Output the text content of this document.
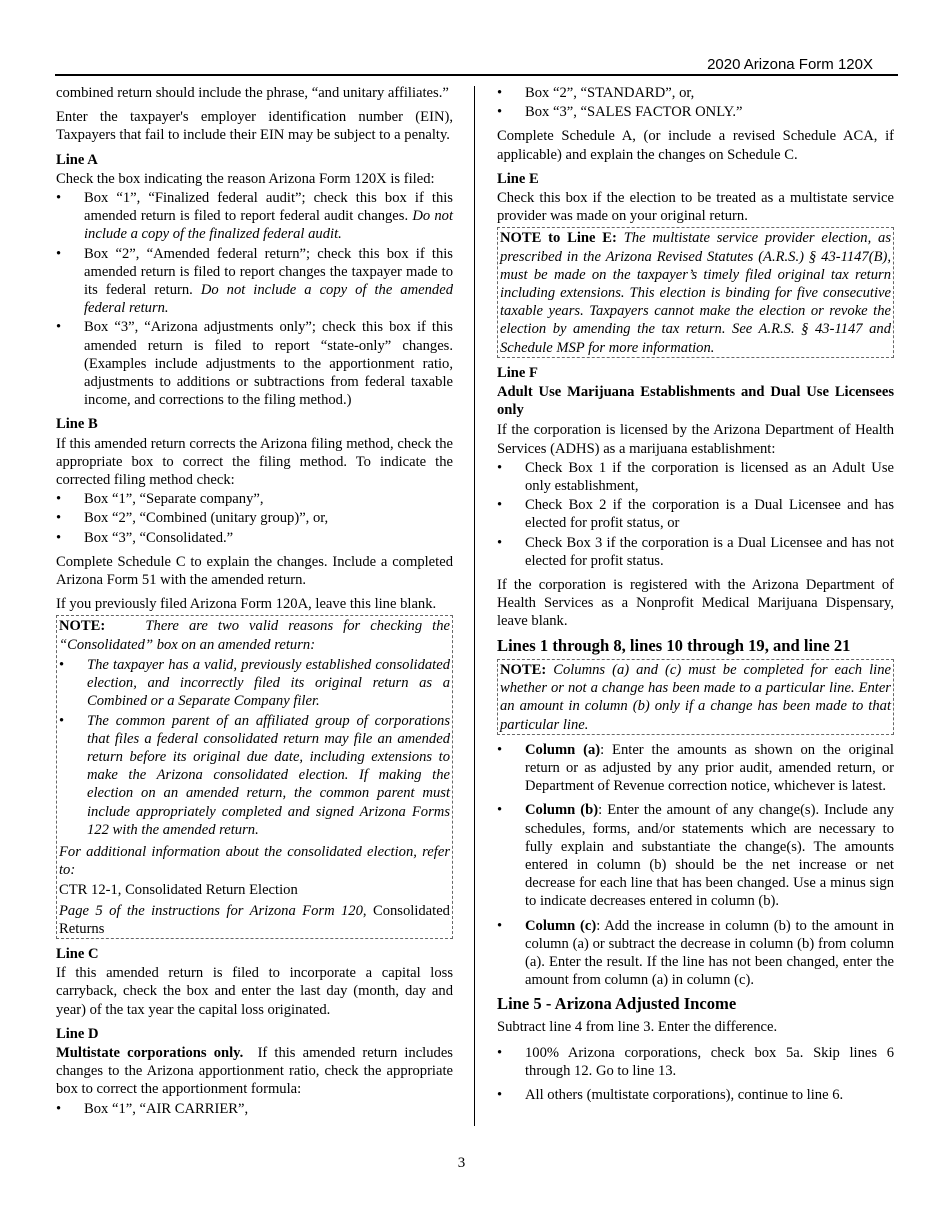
2020 Arizona Form 120X

combined return should include the phrase, “and unitary affiliates.”

Enter the taxpayer's employer identification number (EIN), Taxpayers that fail to include their EIN may be subject to a penalty.

Line A

Check the box indicating the reason Arizona Form 120X is filed:

• Box “1”, “Finalized federal audit”; check this box if this amended return is filed to report federal audit changes. Do not include a copy of the finalized federal audit.
• Box “2”, “Amended federal return”; check this box if this amended return is filed to report changes the taxpayer made to its federal return. Do not include a copy of the amended federal return.
• Box “3”, “Arizona adjustments only”; check this box if this amended return is filed to report “state-only” changes. (Examples include adjustments to the apportionment ratio, adjustments to additions or subtractions from federal taxable income, and corrections to the filing method.)
Line B

If this amended return corrects the Arizona filing method, check the appropriate box to correct the filing method. To indicate the corrected filing method check:

• Box “1”, “Separate company”,
• Box “2”, “Combined (unitary group)”, or,
• Box “3”, “Consolidated.”

Complete Schedule C to explain the changes. Include a completed Arizona Form 51 with the amended return.

If you previously filed Arizona Form 120A, leave this line blank.

NOTE:	There are two valid reasons for checking the “Consolidated” box on an amended return:

• The taxpayer has a valid, previously established consolidated election, and incorrectly filed its original return as a Combined or a Separate Company filer.
• The common parent of an affiliated group of corporations that files a federal consolidated return may file an amended return before its original due date, including extensions to make the Arizona consolidated election. If making the election on an amended return, the common parent must include appropriately completed and signed Arizona Forms 122 with the amended return.

For additional information about the consolidated election, refer to:

CTR 12-1, Consolidated Return Election

Page 5 of the instructions for Arizona Form 120, Consolidated Returns

Line C

If this amended return is filed to incorporate a capital loss carryback, check the box and enter the last day (month, day and year) of the tax year the capital loss originated.

Line D

Multistate corporations only. If this amended return includes changes to the Arizona apportionment ratio, check the appropriate box to correct the apportionment formula:

• Box “1”, “AIR CARRIER”,
• Box “2”, “STANDARD”, or,
• Box “3”, “SALES FACTOR ONLY.”

Complete Schedule A, (or include a revised Schedule ACA, if applicable) and explain the changes on Schedule C.

Line E

Check this box if the election to be treated as a multistate service provider was made on your original return.

NOTE to Line E: The multistate service provider election, as prescribed in the Arizona Revised Statutes (A.R.S.) § 43-1147(B), must be made on the taxpayer’s timely filed original tax return including extensions. This election is binding for five consecutive taxable years. Taxpayers cannot make the election or revoke the election by amending the tax return. See A.R.S. § 43-1147 and Schedule MSP for more information.

Line F

Adult Use Marijuana Establishments and Dual Use Licensees only

If the corporation is licensed by the Arizona Department of Health Services (ADHS) as a marijuana establishment:

• Check Box 1 if the corporation is licensed as an Adult Use only establishment,
• Check Box 2 if the corporation is a Dual Licensee and has elected for profit status, or
• Check Box 3 if the corporation is a Dual Licensee and has not elected for profit status.

If the corporation is registered with the Arizona Department of Health Services as a Nonprofit Medical Marijuana Dispensary, leave blank.

Lines 1 through 8, lines 10 through 19, and line 21

NOTE: Columns (a) and (c) must be completed for each line whether or not a change has been made to a particular line. Enter an amount in column (b) only if a change has been made to that particular line.

• Column (a): Enter the amounts as shown on the original return or as adjusted by any prior audit, amended return, or Department of Revenue correction notice, whichever is latest.
• Column (b): Enter the amount of any change(s). Include any schedules, forms, and/or statements which are necessary to fully explain and substantiate the change(s). The amounts entered in column (b) should be the net increase or net decrease for each line that has been changed. Use a minus sign to indicate decreases entered in column (b).
• Column (c): Add the increase in column (b) to the amount in column (a) or subtract the decrease in column (b) from column (a). Enter the result. If the line has not been changed, enter the amount from column (a) in column (c).
Line 5 - Arizona Adjusted Income

Subtract line 4 from line 3. Enter the difference.

• 100% Arizona corporations, check box 5a. Skip lines 6 through 12. Go to line 13.
• All others (multistate corporations), continue to line 6.
3
